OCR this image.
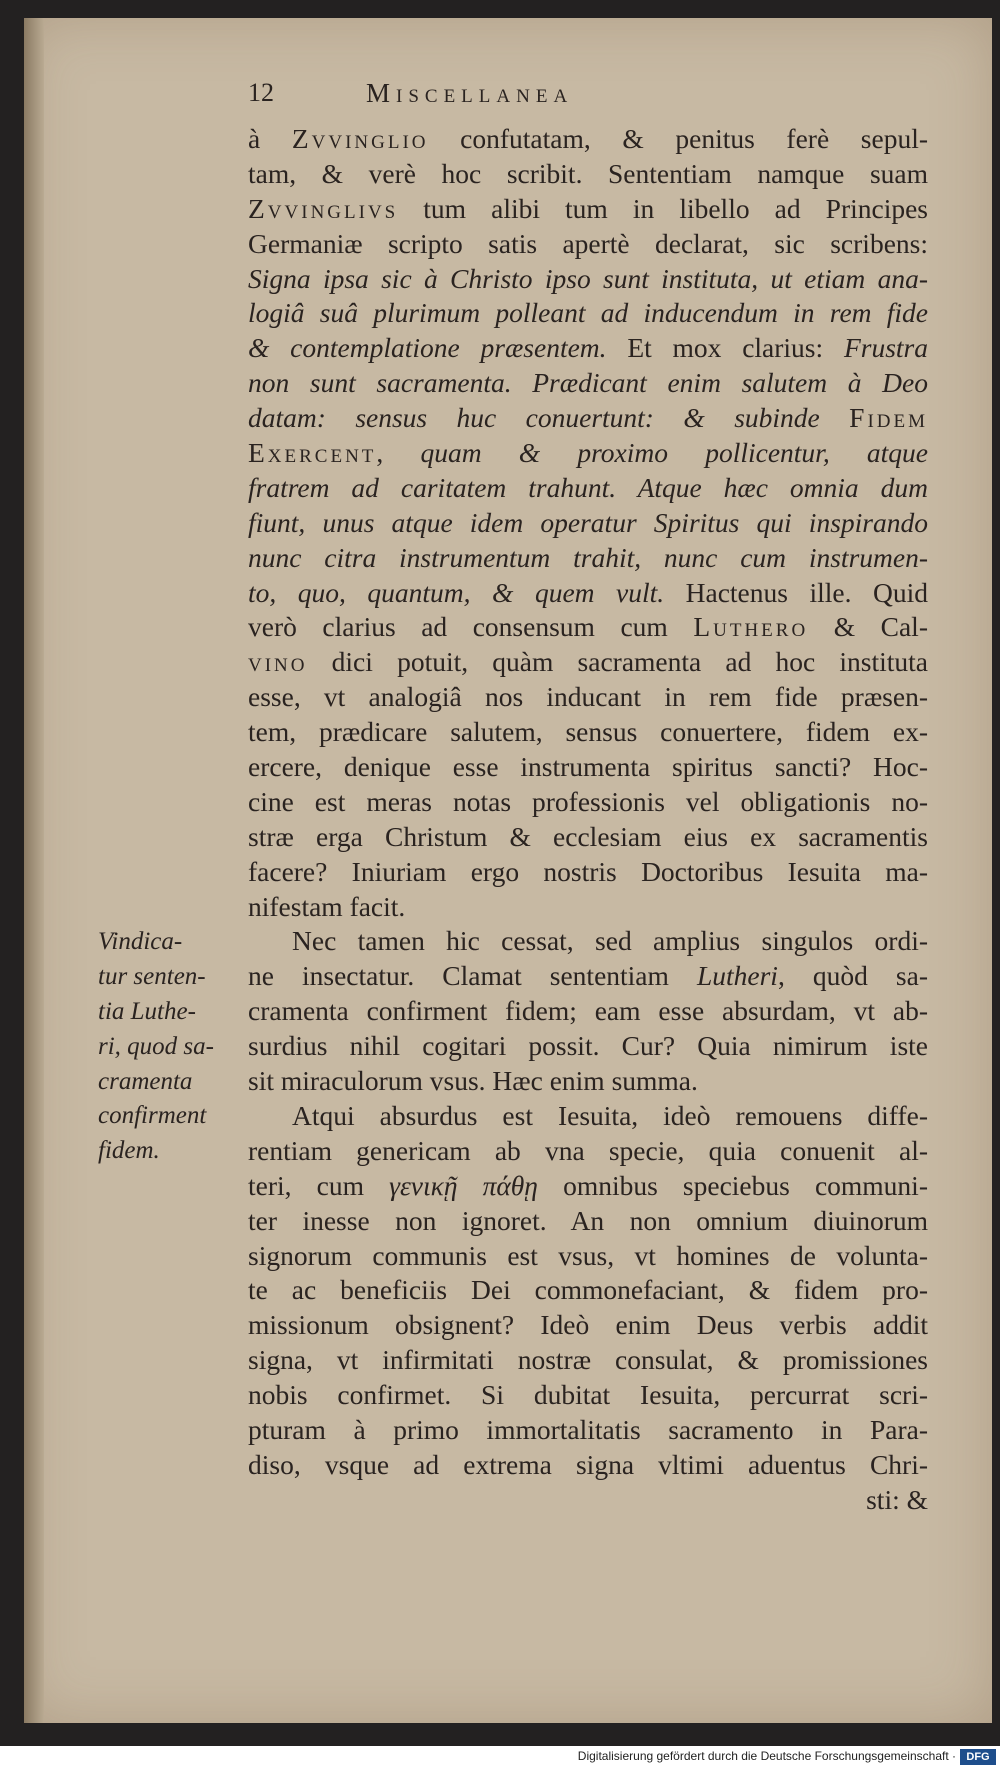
12	Miscellanea
à Zvvinglio confutatam, & penitus ferè sepul-
tam, & verè hoc scribit. Sententiam namque suam
Zvvinglivs tum alibi tum in libello ad Principes
Germaniæ scripto satis apertè declarat, sic scribens:
Signa ipsa sic à Christo ipso sunt instituta, ut etiam ana-
logiâ suâ plurimum polleant ad inducendum in rem fide
& contemplatione præsentem. Et mox clarius: Frustra
non sunt sacramenta. Prædicant enim salutem à Deo
datam: sensus huc conuertunt: & subinde Fidem
Exercent, quam & proximo pollicentur, atque
fratrem ad caritatem trahunt. Atque hæc omnia dum
fiunt, unus atque idem operatur Spiritus qui inspirando
nunc citra instrumentum trahit, nunc cum instrumen-
to, quo, quantum, & quem vult. Hactenus ille. Quid
verò clarius ad consensum cum Luthero & Cal-
vino dici potuit, quàm sacramenta ad hoc instituta
esse, vt analogiâ nos inducant in rem fide præsen-
tem, prædicare salutem, sensus conuertere, fidem ex-
ercere, denique esse instrumenta spiritus sancti? Hoc-
cine est meras notas professionis vel obligationis no-
stræ erga Christum & ecclesiam eius ex sacramentis
facere? Iniuriam ergo nostris Doctoribus Iesuita ma-
nifestam facit.
Nec tamen hic cessat, sed amplius singulos ordi-
ne insectatur. Clamat sententiam Lutheri, quòd sa-
cramenta confirment fidem; eam esse absurdam, vt ab-
surdius nihil cogitari possit. Cur? Quia nimirum iste
sit miraculorum vsus. Hæc enim summa.
Atqui absurdus est Iesuita, ideò remouens diffe-
rentiam genericam ab vna specie, quia conuenit al-
teri, cum γενικῇ πάθῃ omnibus speciebus communi-
ter inesse non ignoret. An non omnium diuinorum
signorum communis est vsus, vt homines de volunta-
te ac beneficiis Dei commonefaciant, & fidem pro-
missionum obsignent? Ideò enim Deus verbis addit
signa, vt infirmitati nostræ consulat, & promissiones
nobis confirmet. Si dubitat Iesuita, percurrat scri-
pturam à primo immortalitatis sacramento in Para-
diso, vsque ad extrema signa vltimi aduentus Chri-
sti: &
Vindica-
tur senten-
tia Luthe-
ri, quod sa-
cramenta
confirment
fidem.
Digitalisierung gefördert durch die Deutsche Forschungsgemeinschaft · DFG
